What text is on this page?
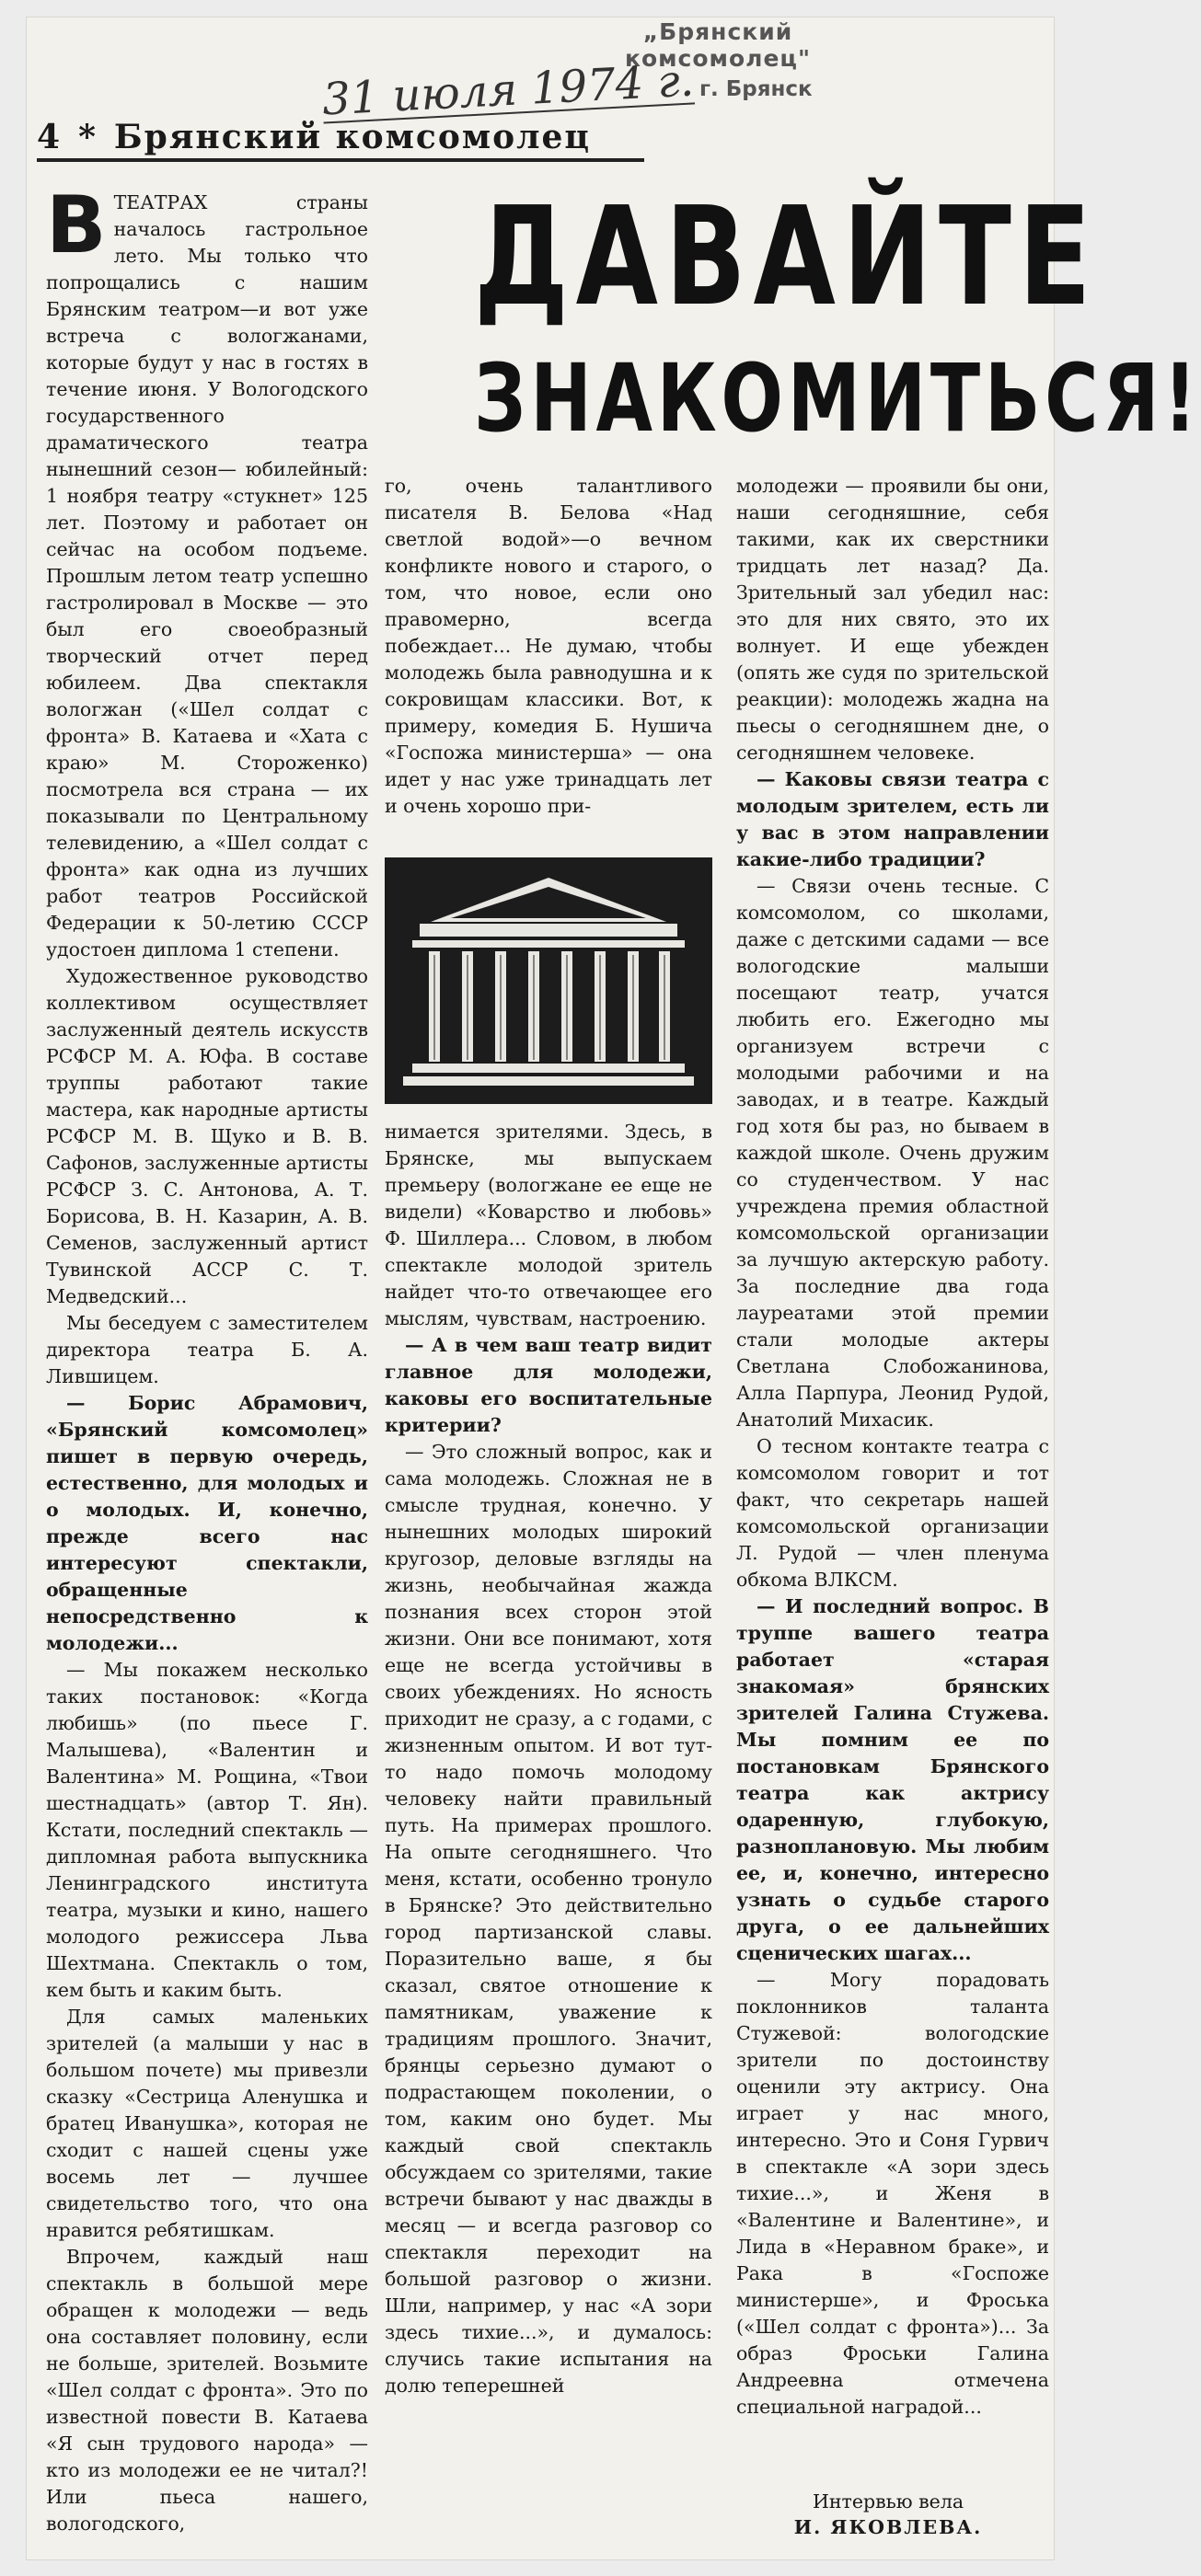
„Брянский комсомолец"
г. Брянск
31 июля 1974 г.
4 * Брянский комсомолец
ДАВАЙТЕ
ЗНАКОМИТЬСЯ!

ВТЕАТРАХ страны началось гастрольное лето. Мы только что попрощались с нашим Брянским театром—и вот уже встреча с вологжанами, которые будут у нас в гостях в течение июня. У Вологодского государственного драматического театра нынешний сезон— юбилейный: 1 ноября театру «стукнет» 125 лет. Поэтому и работает он сейчас на особом подъеме. Прошлым летом театр успешно гастролировал в Москве — это был его своеобразный творческий отчет перед юбилеем. Два спектакля вологжан («Шел солдат с фронта» В. Катаева и «Хата с краю» М. Стороженко) посмотрела вся страна — их показывали по Центральному телевидению, а «Шел солдат с фронта» как одна из лучших работ театров Российской Федерации к 50-летию СССР удостоен диплома 1 степени.

Художественное руководство коллективом осуществляет заслуженный деятель искусств РСФСР М. А. Юфа. В составе труппы работают такие мастера, как народные артисты РСФСР М. В. Щуко и В. В. Сафонов, заслуженные артисты РСФСР З. С. Антонова, А. Т. Борисова, В. Н. Казарин, А. В. Семенов, заслуженный артист Тувинской АССР С. Т. Медведский...

Мы беседуем с заместителем директора театра Б. А. Лившицем.

— Борис Абрамович, «Брянский комсомолец» пишет в первую очередь, естественно, для молодых и о молодых. И, конечно, прежде всего нас интересуют спектакли, обращенные непосредственно к молодежи...

— Мы покажем несколько таких постановок: «Когда любишь» (по пьесе Г. Малышева), «Валентин и Валентина» М. Рощина, «Твои шестнадцать» (автор Т. Ян). Кстати, последний спектакль — дипломная работа выпускника Ленинградского института театра, музыки и кино, нашего молодого режиссера Льва Шехтмана. Спектакль о том, кем быть и каким быть.

Для самых маленьких зрителей (а малыши у нас в большом почете) мы привезли сказку «Сестрица Аленушка и братец Иванушка», которая не сходит с нашей сцены уже восемь лет — лучшее свидетельство того, что она нравится ребятишкам.

Впрочем, каждый наш спектакль в большой мере обращен к молодежи — ведь она составляет половину, если не больше, зрителей. Возьмите «Шел солдат с фронта». Это по известной повести В. Катаева «Я сын трудового народа» — кто из молодежи ее не читал?! Или пьеса нашего, вологодского,

го, очень талантливого писателя В. Белова «Над светлой водой»—о вечном конфликте нового и старого, о том, что новое, если оно правомерно, всегда побеждает... Не думаю, чтобы молодежь была равнодушна и к сокровищам классики. Вот, к примеру, комедия Б. Нушича «Госпожа министерша» — она идет у нас уже тринадцать лет и очень хорошо при-

нимается зрителями. Здесь, в Брянске, мы выпускаем премьеру (вологжане ее еще не видели) «Коварство и любовь» Ф. Шиллера... Словом, в любом спектакле молодой зритель найдет что-то отвечающее его мыслям, чувствам, настроению.

— А в чем ваш театр видит главное для молодежи, каковы его воспитательные критерии?

— Это сложный вопрос, как и сама молодежь. Сложная не в смысле трудная, конечно. У нынешних молодых широкий кругозор, деловые взгляды на жизнь, необычайная жажда познания всех сторон этой жизни. Они все понимают, хотя еще не всегда устойчивы в своих убеждениях. Но ясность приходит не сразу, а с годами, с жизненным опытом. И вот тут-то надо помочь молодому человеку найти правильный путь. На примерах прошлого. На опыте сегодняшнего. Что меня, кстати, особенно тронуло в Брянске? Это действительно город партизанской славы. Поразительно ваше, я бы сказал, святое отношение к памятникам, уважение к традициям прошлого. Значит, брянцы серьезно думают о подрастающем поколении, о том, каким оно будет. Мы каждый свой спектакль обсуждаем со зрителями, такие встречи бывают у нас дважды в месяц — и всегда разговор со спектакля переходит на большой разговор о жизни. Шли, например, у нас «А зори здесь тихие...», и думалось: случись такие испытания на долю теперешней

молодежи — проявили бы они, наши сегодняшние, себя такими, как их сверстники тридцать лет назад? Да. Зрительный зал убедил нас: это для них свято, это их волнует. И еще убежден (опять же судя по зрительской реакции): молодежь жадна на пьесы о сегодняшнем дне, о сегодняшнем человеке.

— Каковы связи театра с молодым зрителем, есть ли у вас в этом направлении какие-либо традиции?

— Связи очень тесные. С комсомолом, со школами, даже с детскими садами — все вологодские малыши посещают театр, учатся любить его. Ежегодно мы организуем встречи с молодыми рабочими и на заводах, и в театре. Каждый год хотя бы раз, но бываем в каждой школе. Очень дружим со студенчеством. У нас учреждена премия областной комсомольской организации за лучшую актерскую работу. За последние два года лауреатами этой премии стали молодые актеры Светлана Слобожанинова, Алла Парпура, Леонид Рудой, Анатолий Михасик.

О тесном контакте театра с комсомолом говорит и тот факт, что секретарь нашей комсомольской организации Л. Рудой — член пленума обкома ВЛКСМ.

— И последний вопрос. В труппе вашего театра работает «старая знакомая» брянских зрителей Галина Стужева. Мы помним ее по постановкам Брянского театра как актрису одаренную, глубокую, разноплановую. Мы любим ее, и, конечно, интересно узнать о судьбе старого друга, о ее дальнейших сценических шагах...

— Могу порадовать поклонников таланта Стужевой: вологодские зрители по достоинству оценили эту актрису. Она играет у нас много, интересно. Это и Соня Гурвич в спектакле «А зори здесь тихие...», и Женя в «Валентине и Валентине», и Лида в «Неравном браке», и Рака в «Госпоже министерше», и Фроська («Шел солдат с фронта»)... За образ Фроськи Галина Андреевна отмечена специальной наградой...

Интервью вела
И. ЯКОВЛЕВА.
